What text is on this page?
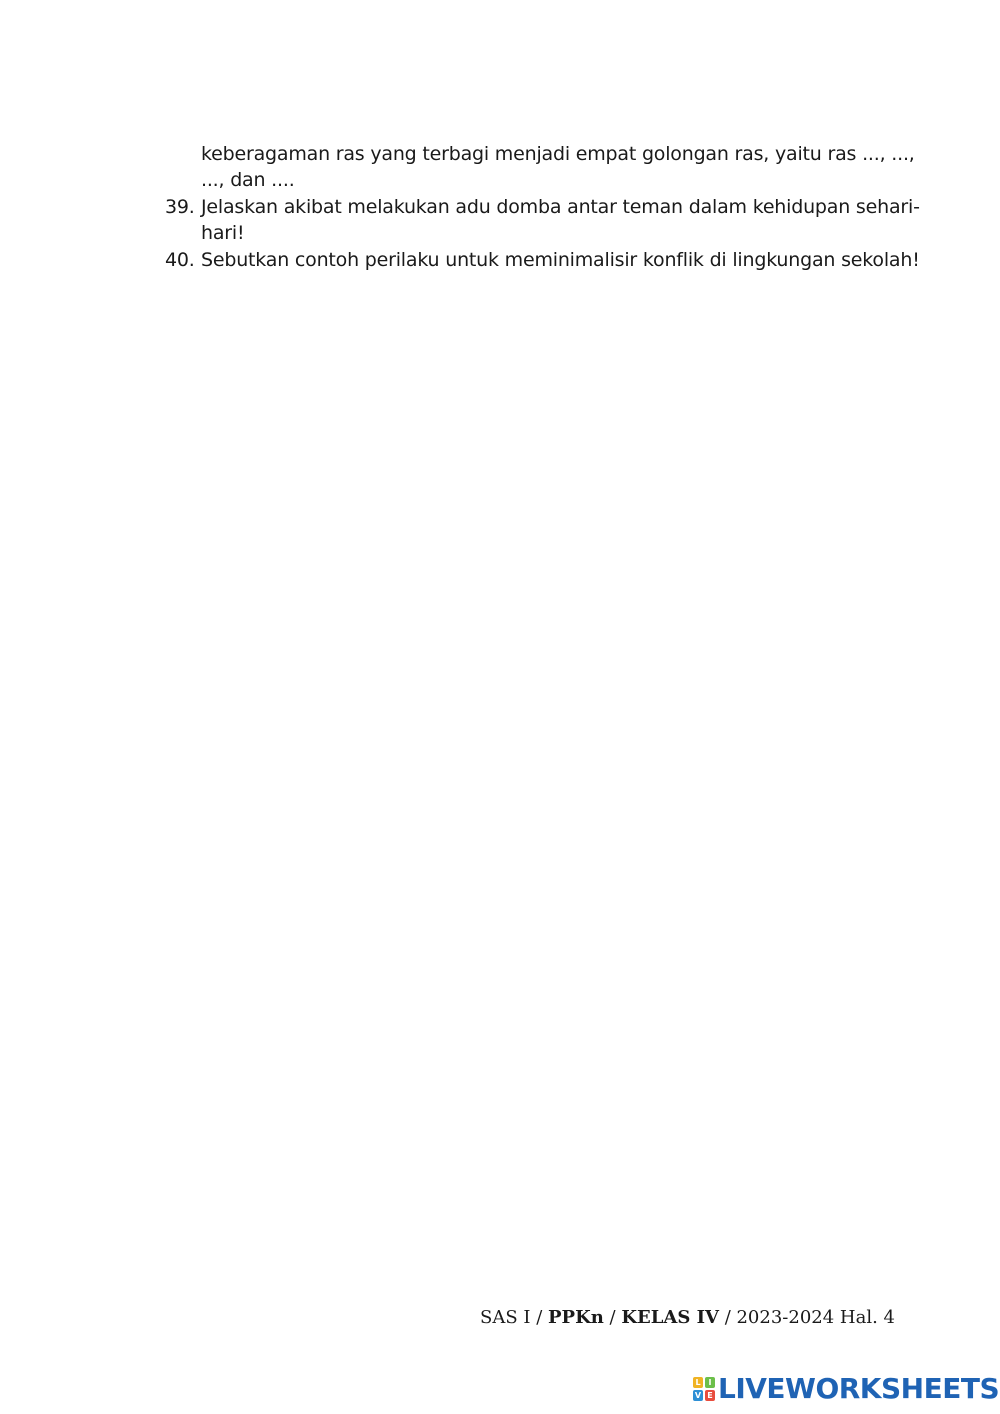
keberagaman ras yang terbagi menjadi empat golongan ras, yaitu ras ..., ...,
..., dan ....
39. Jelaskan akibat melakukan adu domba antar teman dalam kehidupan sehari-
hari!
40. Sebutkan contoh perilaku untuk meminimalisir konflik di lingkungan sekolah!
SAS I / PPKn / KELAS IV / 2023-2024 Hal. 4
L I
V E LIVEWORKSHEETS
